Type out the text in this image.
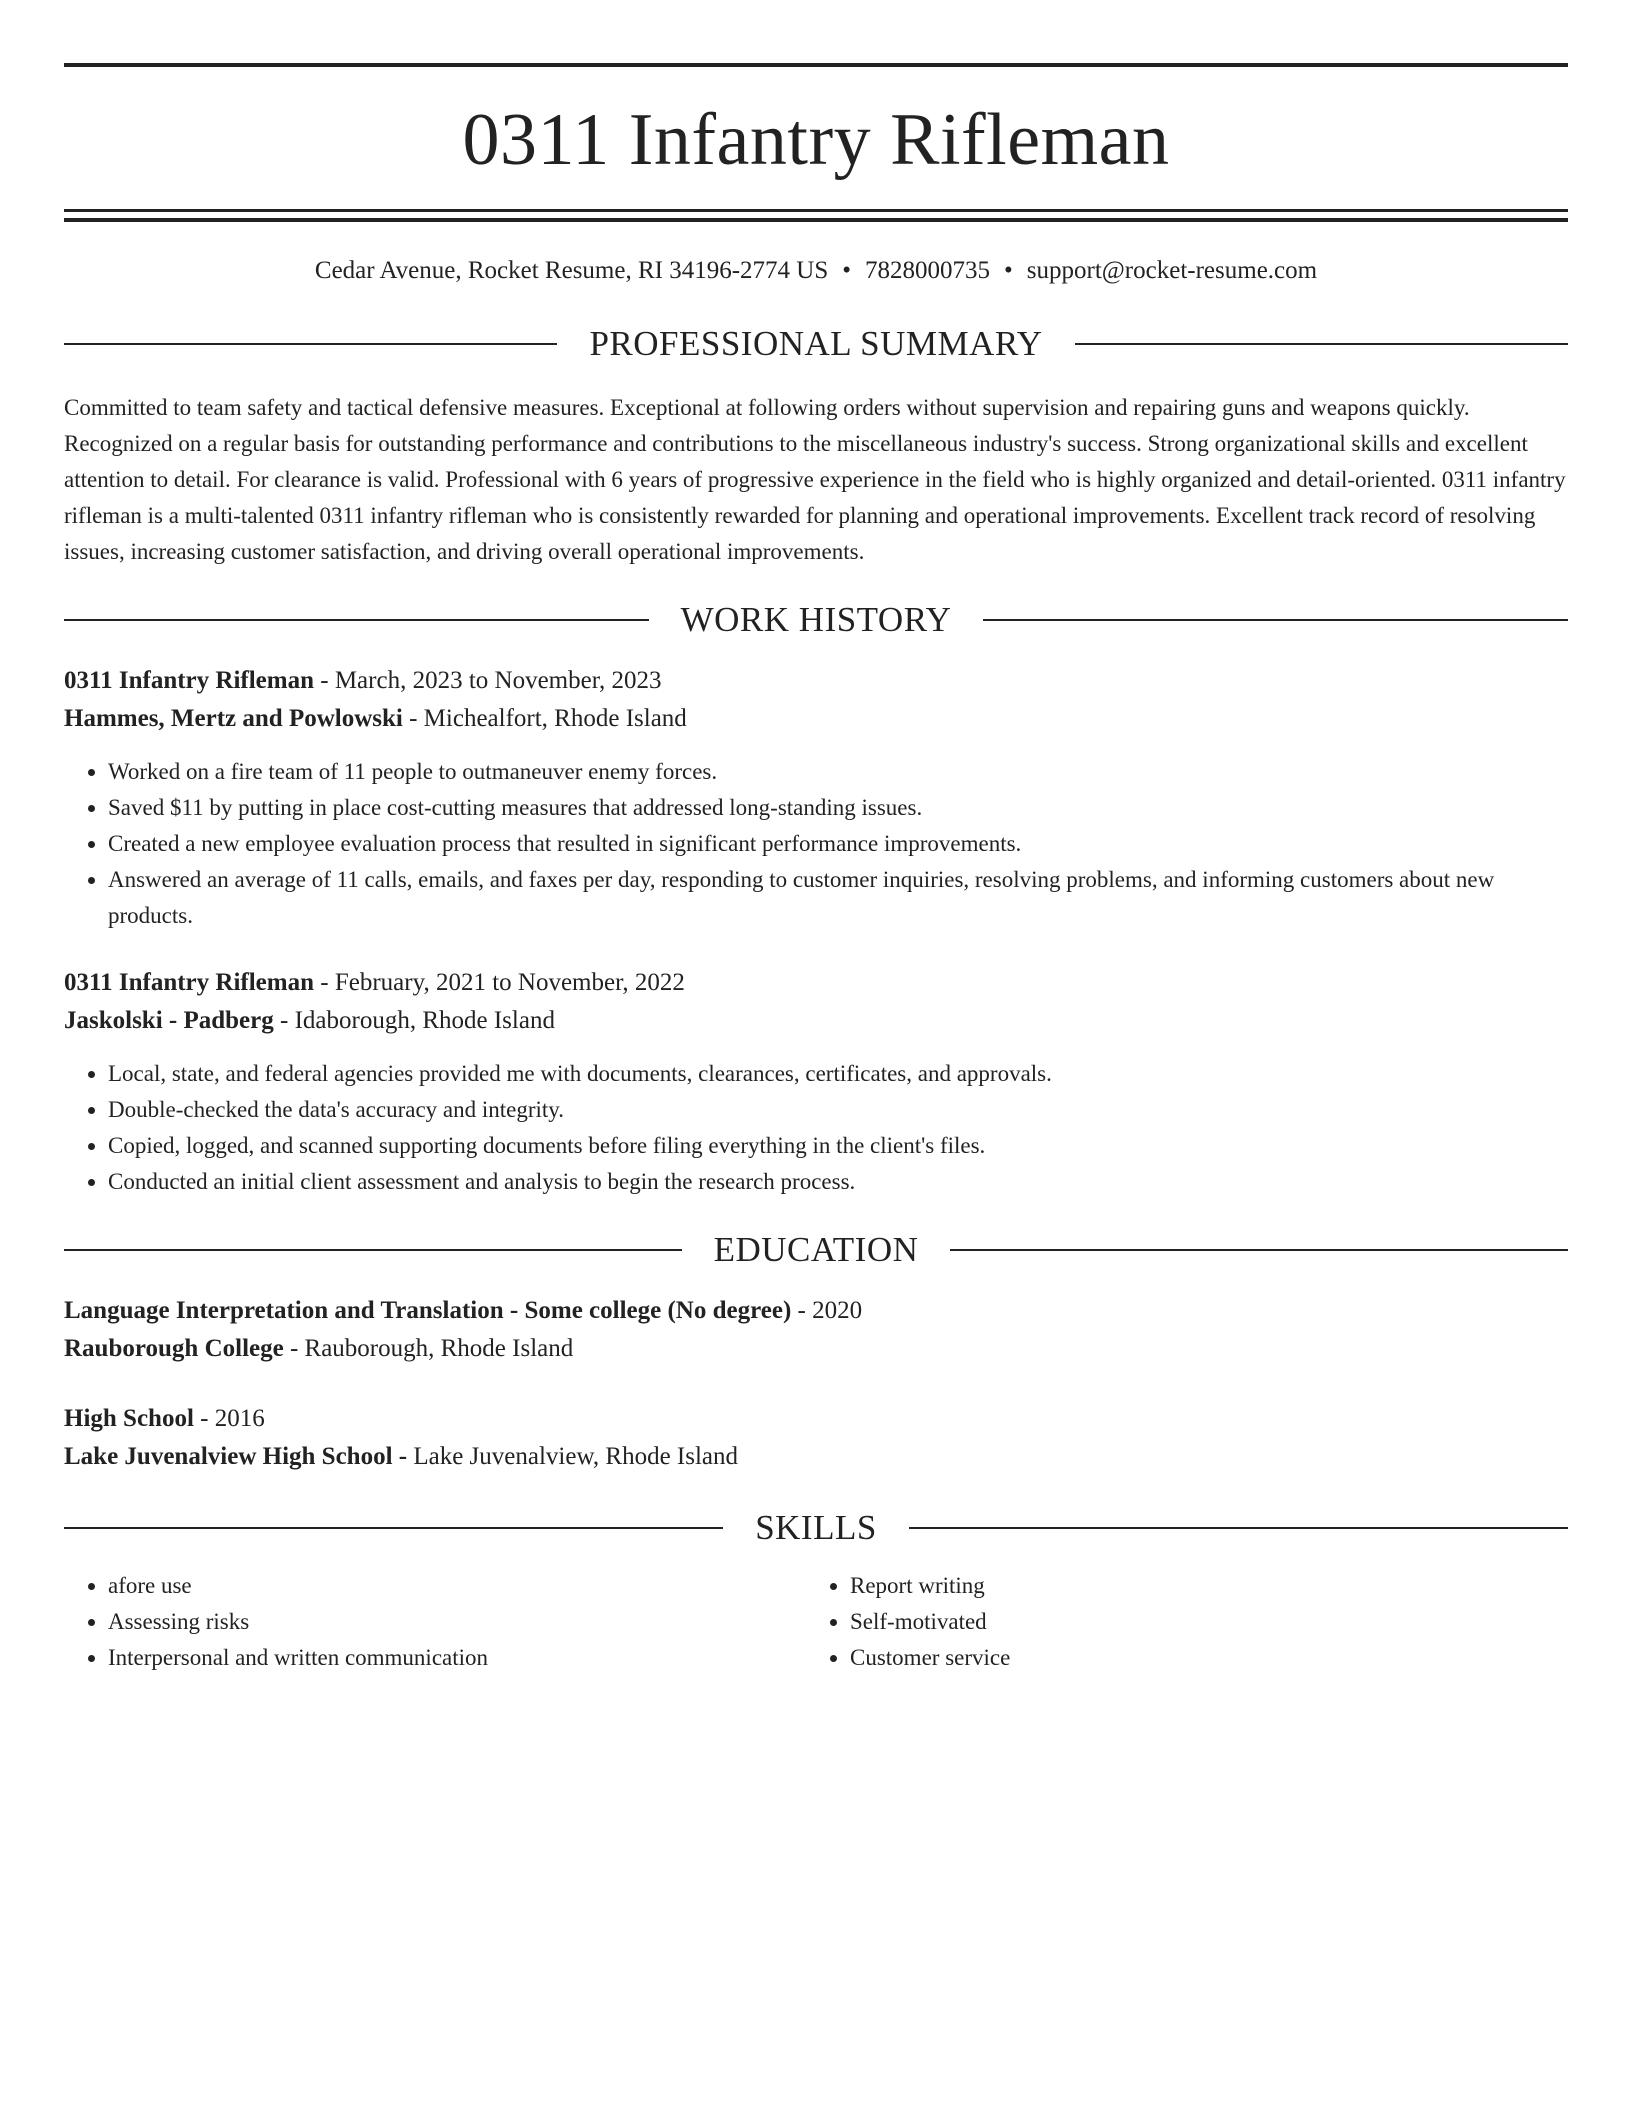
0311 Infantry Rifleman
Cedar Avenue, Rocket Resume, RI 34196-2774 US • 7828000735 • support@rocket-resume.com
PROFESSIONAL SUMMARY
Committed to team safety and tactical defensive measures. Exceptional at following orders without supervision and repairing guns and weapons quickly. Recognized on a regular basis for outstanding performance and contributions to the miscellaneous industry's success. Strong organizational skills and excellent attention to detail. For clearance is valid. Professional with 6 years of progressive experience in the field who is highly organized and detail-oriented. 0311 infantry rifleman is a multi-talented 0311 infantry rifleman who is consistently rewarded for planning and operational improvements. Excellent track record of resolving issues, increasing customer satisfaction, and driving overall operational improvements.
WORK HISTORY
0311 Infantry Rifleman - March, 2023 to November, 2023
Hammes, Mertz and Powlowski - Michealfort, Rhode Island
• Worked on a fire team of 11 people to outmaneuver enemy forces.
• Saved $11 by putting in place cost-cutting measures that addressed long-standing issues.
• Created a new employee evaluation process that resulted in significant performance improvements.
• Answered an average of 11 calls, emails, and faxes per day, responding to customer inquiries, resolving problems, and informing customers about new products.
0311 Infantry Rifleman - February, 2021 to November, 2022
Jaskolski - Padberg - Idaborough, Rhode Island
• Local, state, and federal agencies provided me with documents, clearances, certificates, and approvals.
• Double-checked the data's accuracy and integrity.
• Copied, logged, and scanned supporting documents before filing everything in the client's files.
• Conducted an initial client assessment and analysis to begin the research process.
EDUCATION
Language Interpretation and Translation - Some college (No degree) - 2020
Rauborough College - Rauborough, Rhode Island
High School - 2016
Lake Juvenalview High School - Lake Juvenalview, Rhode Island
SKILLS
• afore use
• Assessing risks
• Interpersonal and written communication
• Report writing
• Self-motivated
• Customer service
